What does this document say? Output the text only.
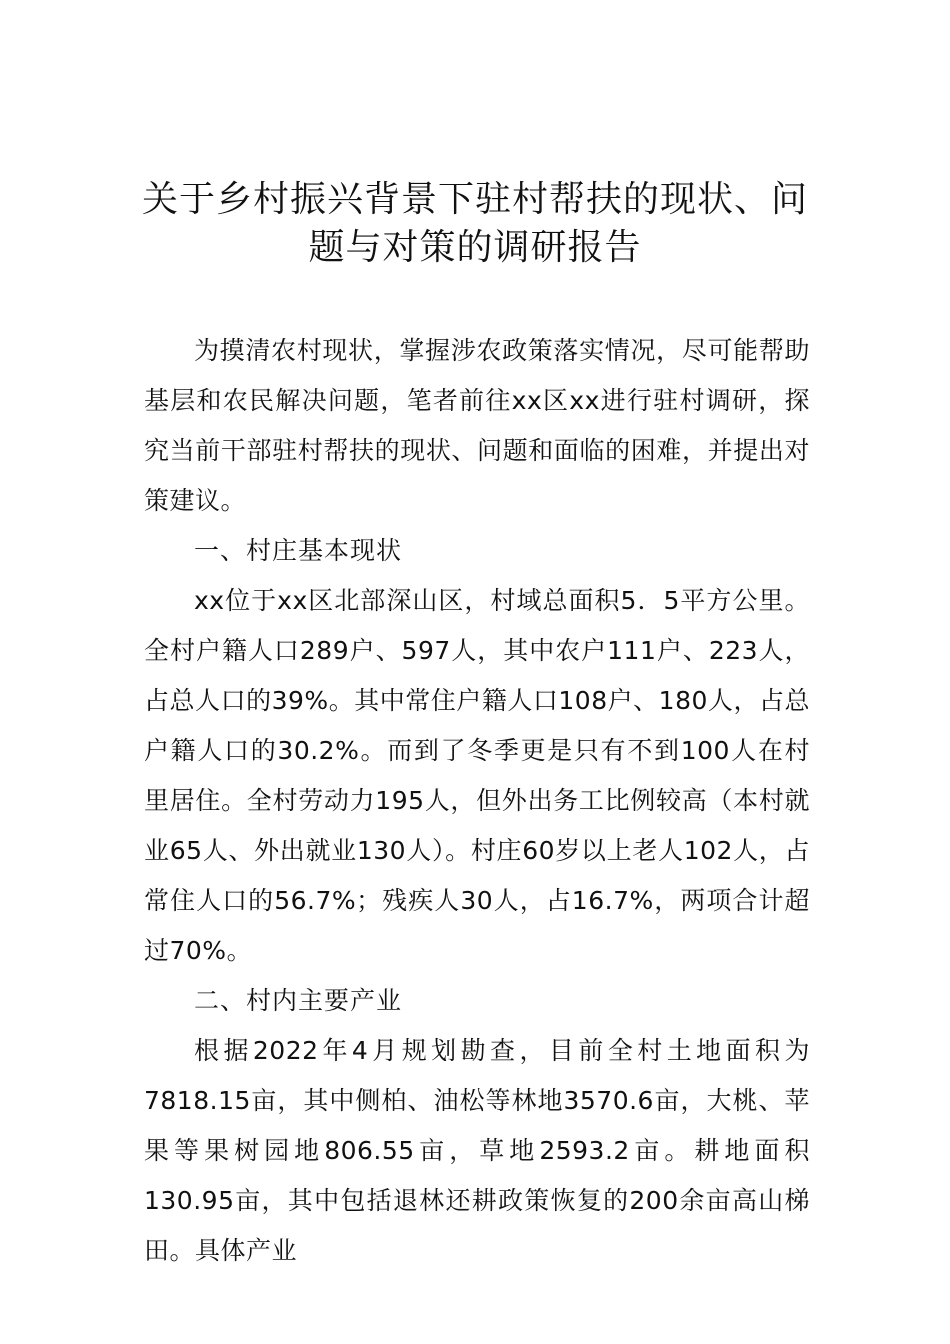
关于乡村振兴背景下驻村帮扶的现状、问
题与对策的调研报告

为摸清农村现状，掌握涉农政策落实情况，尽可能帮助基层和农民解决问题，笔者前往xx区xx进行驻村调研，探究当前干部驻村帮扶的现状、问题和面临的困难，并提出对策建议。

一、村庄基本现状

xx位于xx区北部深山区，村域总面积5．5平方公里。全村户籍人口289户、597人，其中农户111户、223人，占总人口的39%。其中常住户籍人口108户、180人，占总户籍人口的30.2%。而到了冬季更是只有不到100人在村里居住。全村劳动力195人，但外出务工比例较高（本村就业65人、外出就业130人）。村庄60岁以上老人102人，占常住人口的56.7%；残疾人30人，占16.7%，两项合计超过70%。

二、村内主要产业

根据2022年4月规划勘查，目前全村土地面积为7818.15亩，其中侧柏、油松等林地3570.6亩，大桃、苹果等果树园地806.55亩，草地2593.2亩。耕地面积130.95亩，其中包括退林还耕政策恢复的200余亩高山梯田。具体产业
